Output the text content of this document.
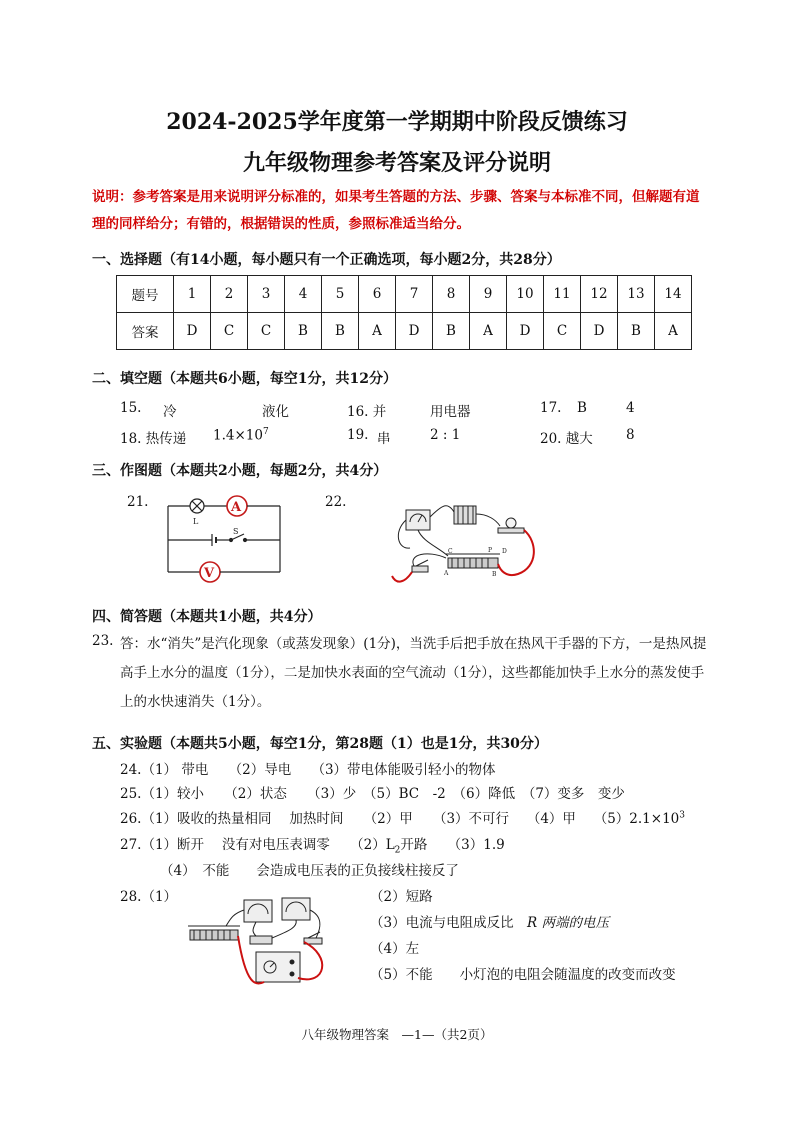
2024-2025学年度第一学期期中阶段反馈练习
九年级物理参考答案及评分说明
说明：参考答案是用来说明评分标准的，如果考生答题的方法、步骤、答案与本标准不同，但解题有道理的同样给分；有错的，根据错误的性质，参照标准适当给分。
一、选择题（有14小题，每小题只有一个正确选项，每小题2分，共28分）
题号	1	2	3	4	5	6	7	8	9	10	11	12	13	14
答案	D	C	C	B	B	A	D	B	A	D	C	D	B	A
二、填空题（本题共6小题，每空1分，共12分）
15. 冷	液化	16. 并	用电器	17. B	4
18. 热传递 $1.4\times 10^7$	19. 串	2 : 1	20. 越大 8
三、作图题（本题共2小题，每题2分，共4分）
21.	22.
L
A
S
V
C	P D
A	B
四、简答题（本题共1小题，共4分）
23. 答：水“消失”是汽化现象（或蒸发现象）(1分)，当洗手后把手放在热风干手器的下方，一是热风提高手上水分的温度（1分），二是加快水表面的空气流动（1分），这些都能加快手上水分的蒸发使手上的水快速消失（1分）。
五、实验题（本题共5小题，每空1分，第28题（1）也是1分，共30分）
24.（1） 带电　　（2）导电　　（3）带电体能吸引轻小的物体
25.（1）较小　　（2）状态　　（3）少　（5）BC　-2　（6）降低　（7）变多　变少
26.（1）吸收的热量相同　 加热时间　　（2）甲　　（3）不可行　 （4）甲　 $(5)2.1\times 10^3$
27.（1）断开　 没有对电压表调零　　$(2)L_2$开路　　（3）1.9
（4）　不能　　会造成电压表的正负接线柱接反了
28.（1）	（2）短路
（3）电流与电阻成反比 R 两端的电压
（4）左
（5）不能　　小灯泡的电阻会随温度的改变而改变
八年级物理答案　—1—（共2页）
